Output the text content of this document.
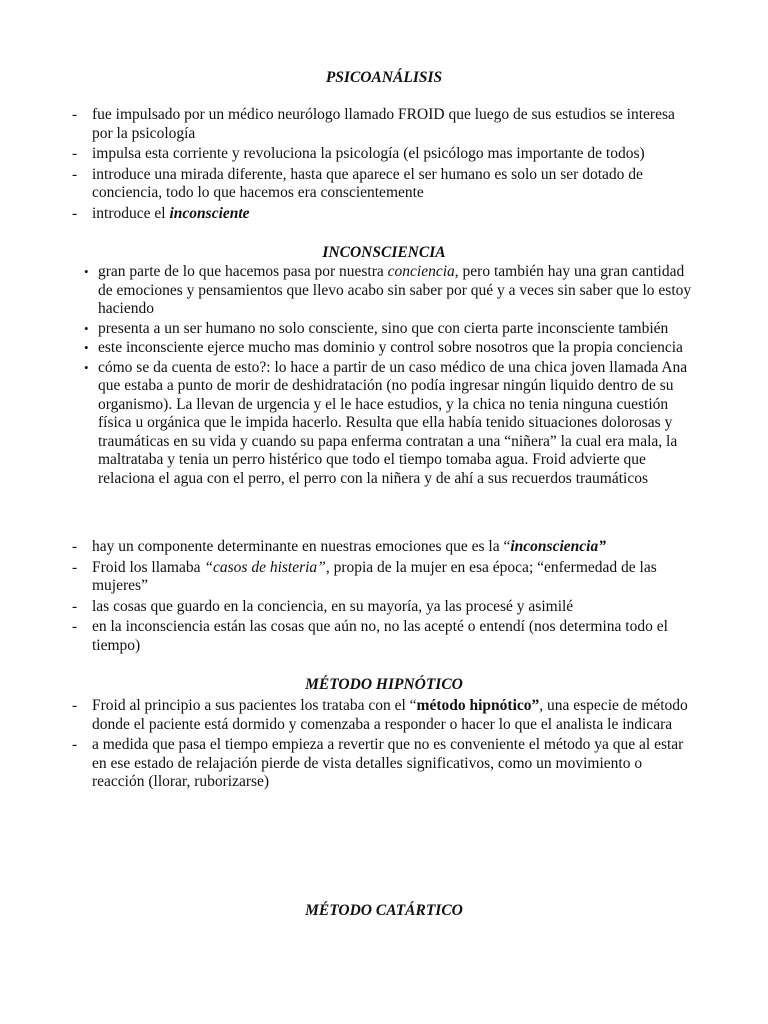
PSICOANÁLISIS
- fue impulsado por un médico neurólogo llamado FROID que luego de sus estudios se interesa por la psicología
- impulsa esta corriente y revoluciona la psicología (el psicólogo mas importante de todos)
- introduce una mirada diferente, hasta que aparece el ser humano es solo un ser dotado de conciencia, todo lo que hacemos era conscientemente
- introduce el inconsciente
INCONSCIENCIA
• gran parte de lo que hacemos pasa por nuestra conciencia, pero también hay una gran cantidad de emociones y pensamientos que llevo acabo sin saber por qué y a veces sin saber que lo estoy haciendo
• presenta a un ser humano no solo consciente, sino que con cierta parte inconsciente también
• este inconsciente ejerce mucho mas dominio y control sobre nosotros que la propia conciencia
• cómo se da cuenta de esto?: lo hace a partir de un caso médico de una chica joven llamada Ana que estaba a punto de morir de deshidratación (no podía ingresar ningún liquido dentro de su organismo). La llevan de urgencia y el le hace estudios, y la chica no tenia ninguna cuestión física u orgánica que le impida hacerlo. Resulta que ella había tenido situaciones dolorosas y traumáticas en su vida y cuando su papa enferma contratan a una “niñera” la cual era mala, la maltrataba y tenia un perro histérico que todo el tiempo tomaba agua. Froid advierte que relaciona el agua con el perro, el perro con la niñera y de ahí a sus recuerdos traumáticos
- hay un componente determinante en nuestras emociones que es la “inconsciencia”
- Froid los llamaba “casos de histeria”, propia de la mujer en esa época; “enfermedad de las mujeres”
- las cosas que guardo en la conciencia, en su mayoría, ya las procesé y asimilé
- en la inconsciencia están las cosas que aún no, no las acepté o entendí (nos determina todo el tiempo)
MÉTODO HIPNÓTICO
- Froid al principio a sus pacientes los trataba con el “método hipnótico”, una especie de método donde el paciente está dormido y comenzaba a responder o hacer lo que el analista le indicara
- a medida que pasa el tiempo empieza a revertir que no es conveniente el método ya que al estar en ese estado de relajación pierde de vista detalles significativos, como un movimiento o reacción (llorar, ruborizarse)
MÉTODO CATÁRTICO
